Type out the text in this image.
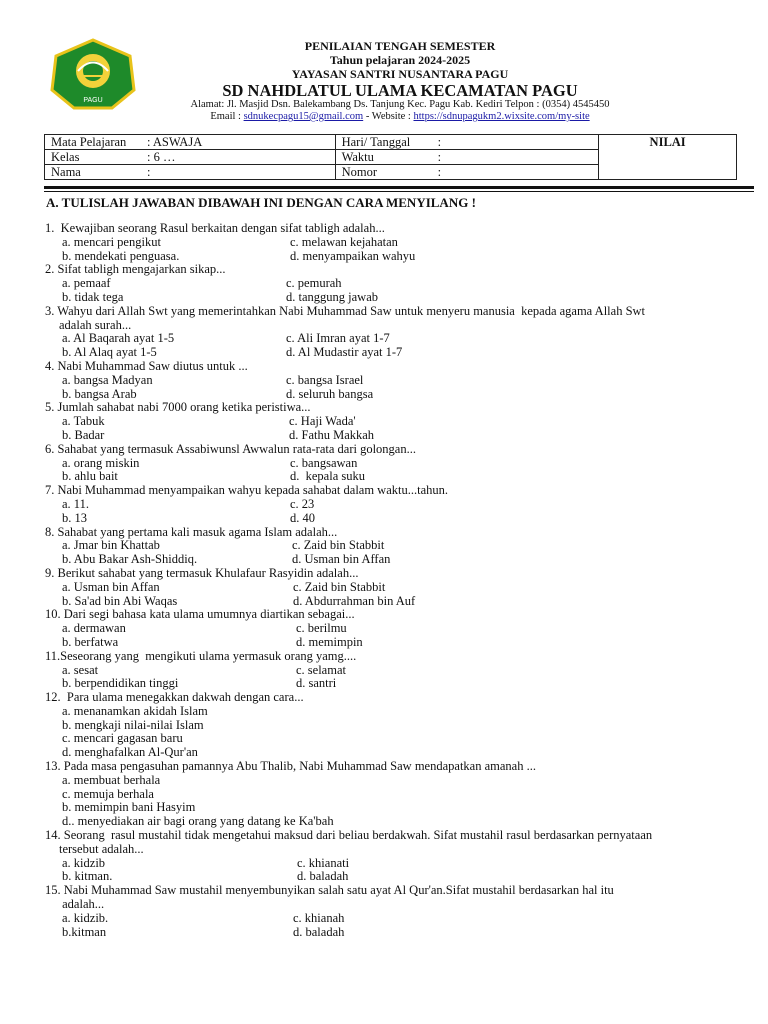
PAGU
PENILAIAN TENGAH SEMESTER
Tahun pelajaran 2024-2025
YAYASAN SANTRI NUSANTARA PAGU
SD NAHDLATUL ULAMA KECAMATAN PAGU
Alamat: Jl. Masjid Dsn. Balekambang Ds. Tanjung Kec. Pagu Kab. Kediri Telpon : (0354) 4545450
Email : sdnukecpagu15@gmail.com - Website : https://sdnupagukm2.wixsite.com/my-site
Mata Pelajaran : ASWAJA	Hari/ Tanggal :	NILAI
Kelas : 6 …	Waktu :	
Nama :	Nomor :	
A. TULISLAH JAWABAN DIBAWAH INI DENGAN CARA MENYILANG !
1.  Kewajiban seorang Rasul berkaitan dengan sifat tabligh adalah...
a. mencari pengikut	c. melawan kejahatan
b. mendekati penguasa.	d. menyampaikan wahyu
2. Sifat tabligh mengajarkan sikap...
a. pemaaf	c. pemurah
b. tidak tega	d. tanggung jawab
3. Wahyu dari Allah Swt yang memerintahkan Nabi Muhammad Saw untuk menyeru manusia  kepada agama Allah Swt
adalah surah...
a. Al Baqarah ayat 1-5	c. Ali Imran ayat 1-7
b. Al Alaq ayat 1-5	d. Al Mudastir ayat 1-7
4. Nabi Muhammad Saw diutus untuk ...
a. bangsa Madyan	c. bangsa Israel
b. bangsa Arab	d. seluruh bangsa
5. Jumlah sahabat nabi 7000 orang ketika peristiwa...
a. Tabuk	c. Haji Wada'
b. Badar	d. Fathu Makkah
6. Sahabat yang termasuk Assabiwunsl Awwalun rata-rata dari golongan...
a. orang miskin	c. bangsawan
b. ahlu bait	d.  kepala suku
7. Nabi Muhammad menyampaikan wahyu kepada sahabat dalam waktu...tahun.
a. 11.	c. 23
b. 13	d. 40
8. Sahabat yang pertama kali masuk agama Islam adalah...
a. Jmar bin Khattab	c. Zaid bin Stabbit
b. Abu Bakar Ash-Shiddiq.	d. Usman bin Affan
9. Berikut sahabat yang termasuk Khulafaur Rasyidin adalah...
a. Usman bin Affan	c. Zaid bin Stabbit
b. Sa'ad bin Abi Waqas	d. Abdurrahman bin Auf
10. Dari segi bahasa kata ulama umumnya diartikan sebagai...
a. dermawan	c. berilmu
b. berfatwa	d. memimpin
11.Seseorang yang  mengikuti ulama yermasuk orang yamg....
a. sesat	c. selamat
b. berpendidikan tinggi	d. santri
12.  Para ulama menegakkan dakwah dengan cara...
a. menanamkan akidah Islam
b. mengkaji nilai-nilai Islam
c. mencari gagasan baru
d. menghafalkan Al-Qur'an
13. Pada masa pengasuhan pamannya Abu Thalib, Nabi Muhammad Saw mendapatkan amanah ...
a. membuat berhala
c. memuja berhala
b. memimpin bani Hasyim
d.. menyediakan air bagi orang yang datang ke Ka'bah
14. Seorang  rasul mustahil tidak mengetahui maksud dari beliau berdakwah. Sifat mustahil rasul berdasarkan pernyataan
tersebut adalah...
a. kidzib	c. khianati
b. kitman.	d. baladah
15. Nabi Muhammad Saw mustahil menyembunyikan salah satu ayat Al Qur'an.Sifat mustahil berdasarkan hal itu
adalah...
a. kidzib.	c. khianah
b.kitman	d. baladah
